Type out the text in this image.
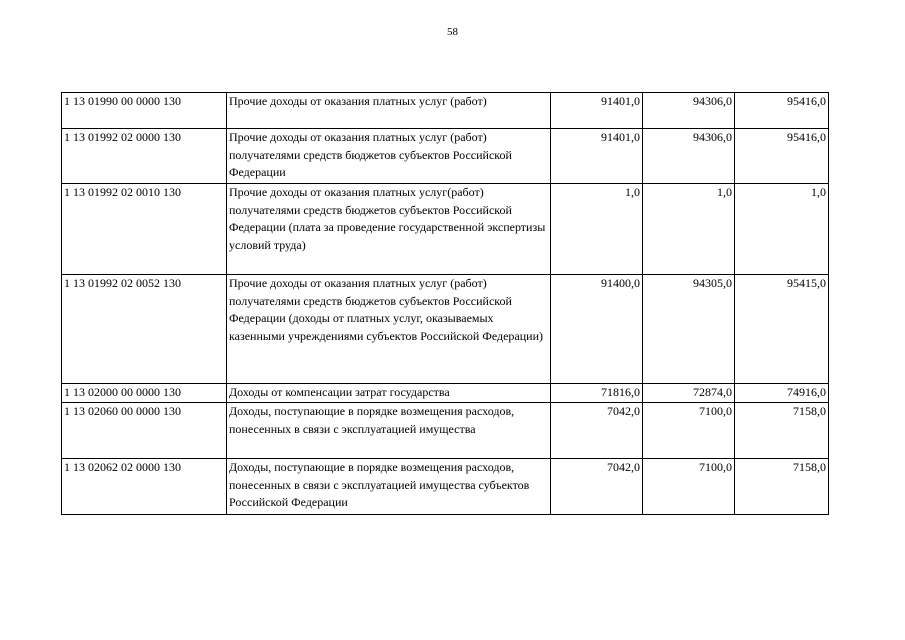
58
1 13 01990 00 0000 130	Прочие доходы от оказания платных услуг (работ)	91401,0	94306,0	95416,0
1 13 01992 02 0000 130	Прочие доходы от оказания платных услуг (работ) получателями средств бюджетов субъектов Российской Федерации	91401,0	94306,0	95416,0
1 13 01992 02 0010 130	Прочие доходы от оказания платных услуг(работ) получателями средств бюджетов субъектов Российской Федерации (плата за проведение государственной экспертизы условий труда)	1,0	1,0	1,0
1 13 01992 02 0052 130	Прочие доходы от оказания платных услуг (работ) получателями средств бюджетов субъектов Российской Федерации (доходы от платных услуг, оказываемых казенными учреждениями субъектов Российской Федерации)	91400,0	94305,0	95415,0
1 13 02000 00 0000 130	Доходы от компенсации затрат государства	71816,0	72874,0	74916,0
1 13 02060 00 0000 130	Доходы, поступающие в порядке возмещения расходов, понесенных в связи с эксплуатацией имущества	7042,0	7100,0	7158,0
1 13 02062 02 0000 130	Доходы, поступающие в порядке возмещения расходов, понесенных в связи с эксплуатацией имущества субъектов Российской Федерации	7042,0	7100,0	7158,0
